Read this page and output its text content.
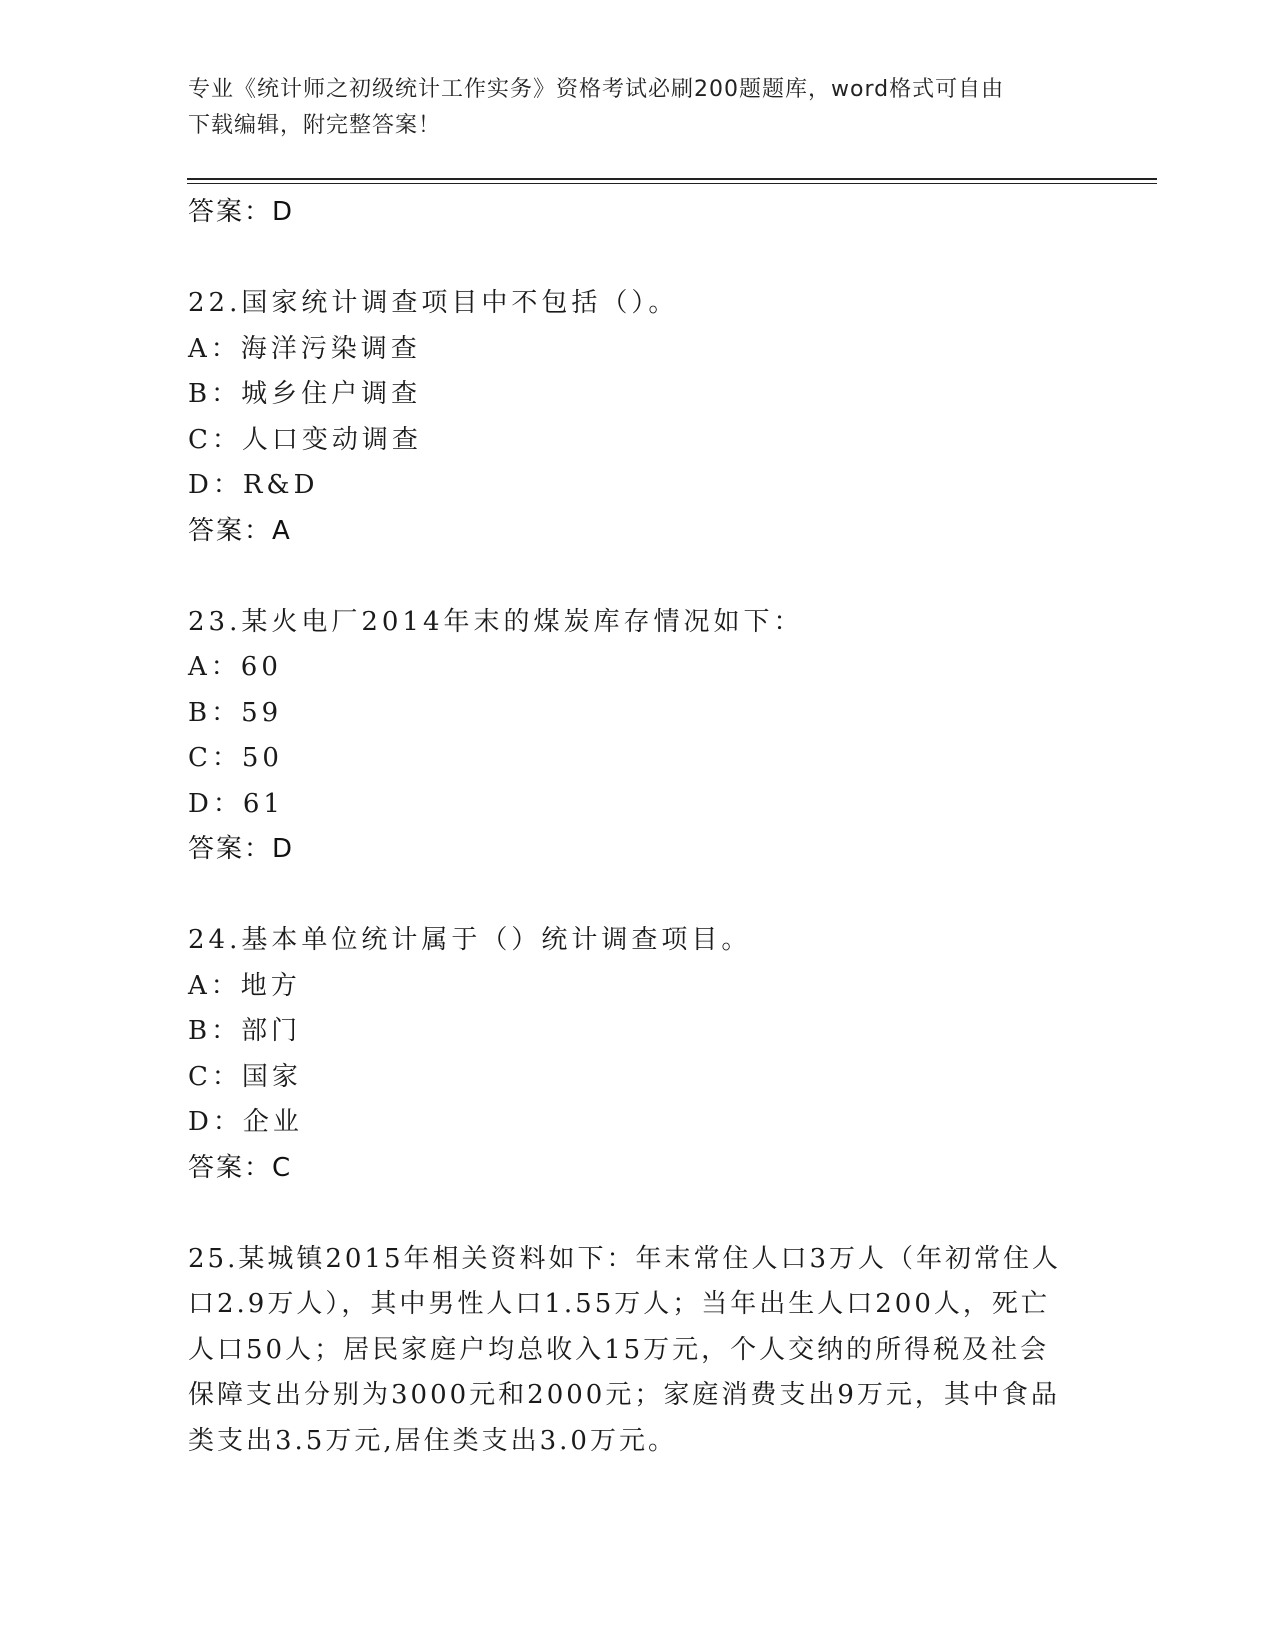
专业《统计师之初级统计工作实务》资格考试必刷200题题库，word格式可自由
下载编辑，附完整答案！
答案：D
22.国家统计调查项目中不包括（）。
A：海洋污染调查
B：城乡住户调查
C：人口变动调查
D：R&D
答案：A
23.某火电厂2014年末的煤炭库存情况如下：
A：60
B：59
C：50
D：61
答案：D
24.基本单位统计属于（）统计调查项目。
A：地方
B：部门
C：国家
D：企业
答案：C
25.某城镇2015年相关资料如下：年末常住人口3万人（年初常住人
口2.9万人），其中男性人口1.55万人；当年出生人口200人，死亡
人口50人；居民家庭户均总收入15万元，个人交纳的所得税及社会
保障支出分别为3000元和2000元；家庭消费支出9万元，其中食品
类支出3.5万元,居住类支出3.0万元。
